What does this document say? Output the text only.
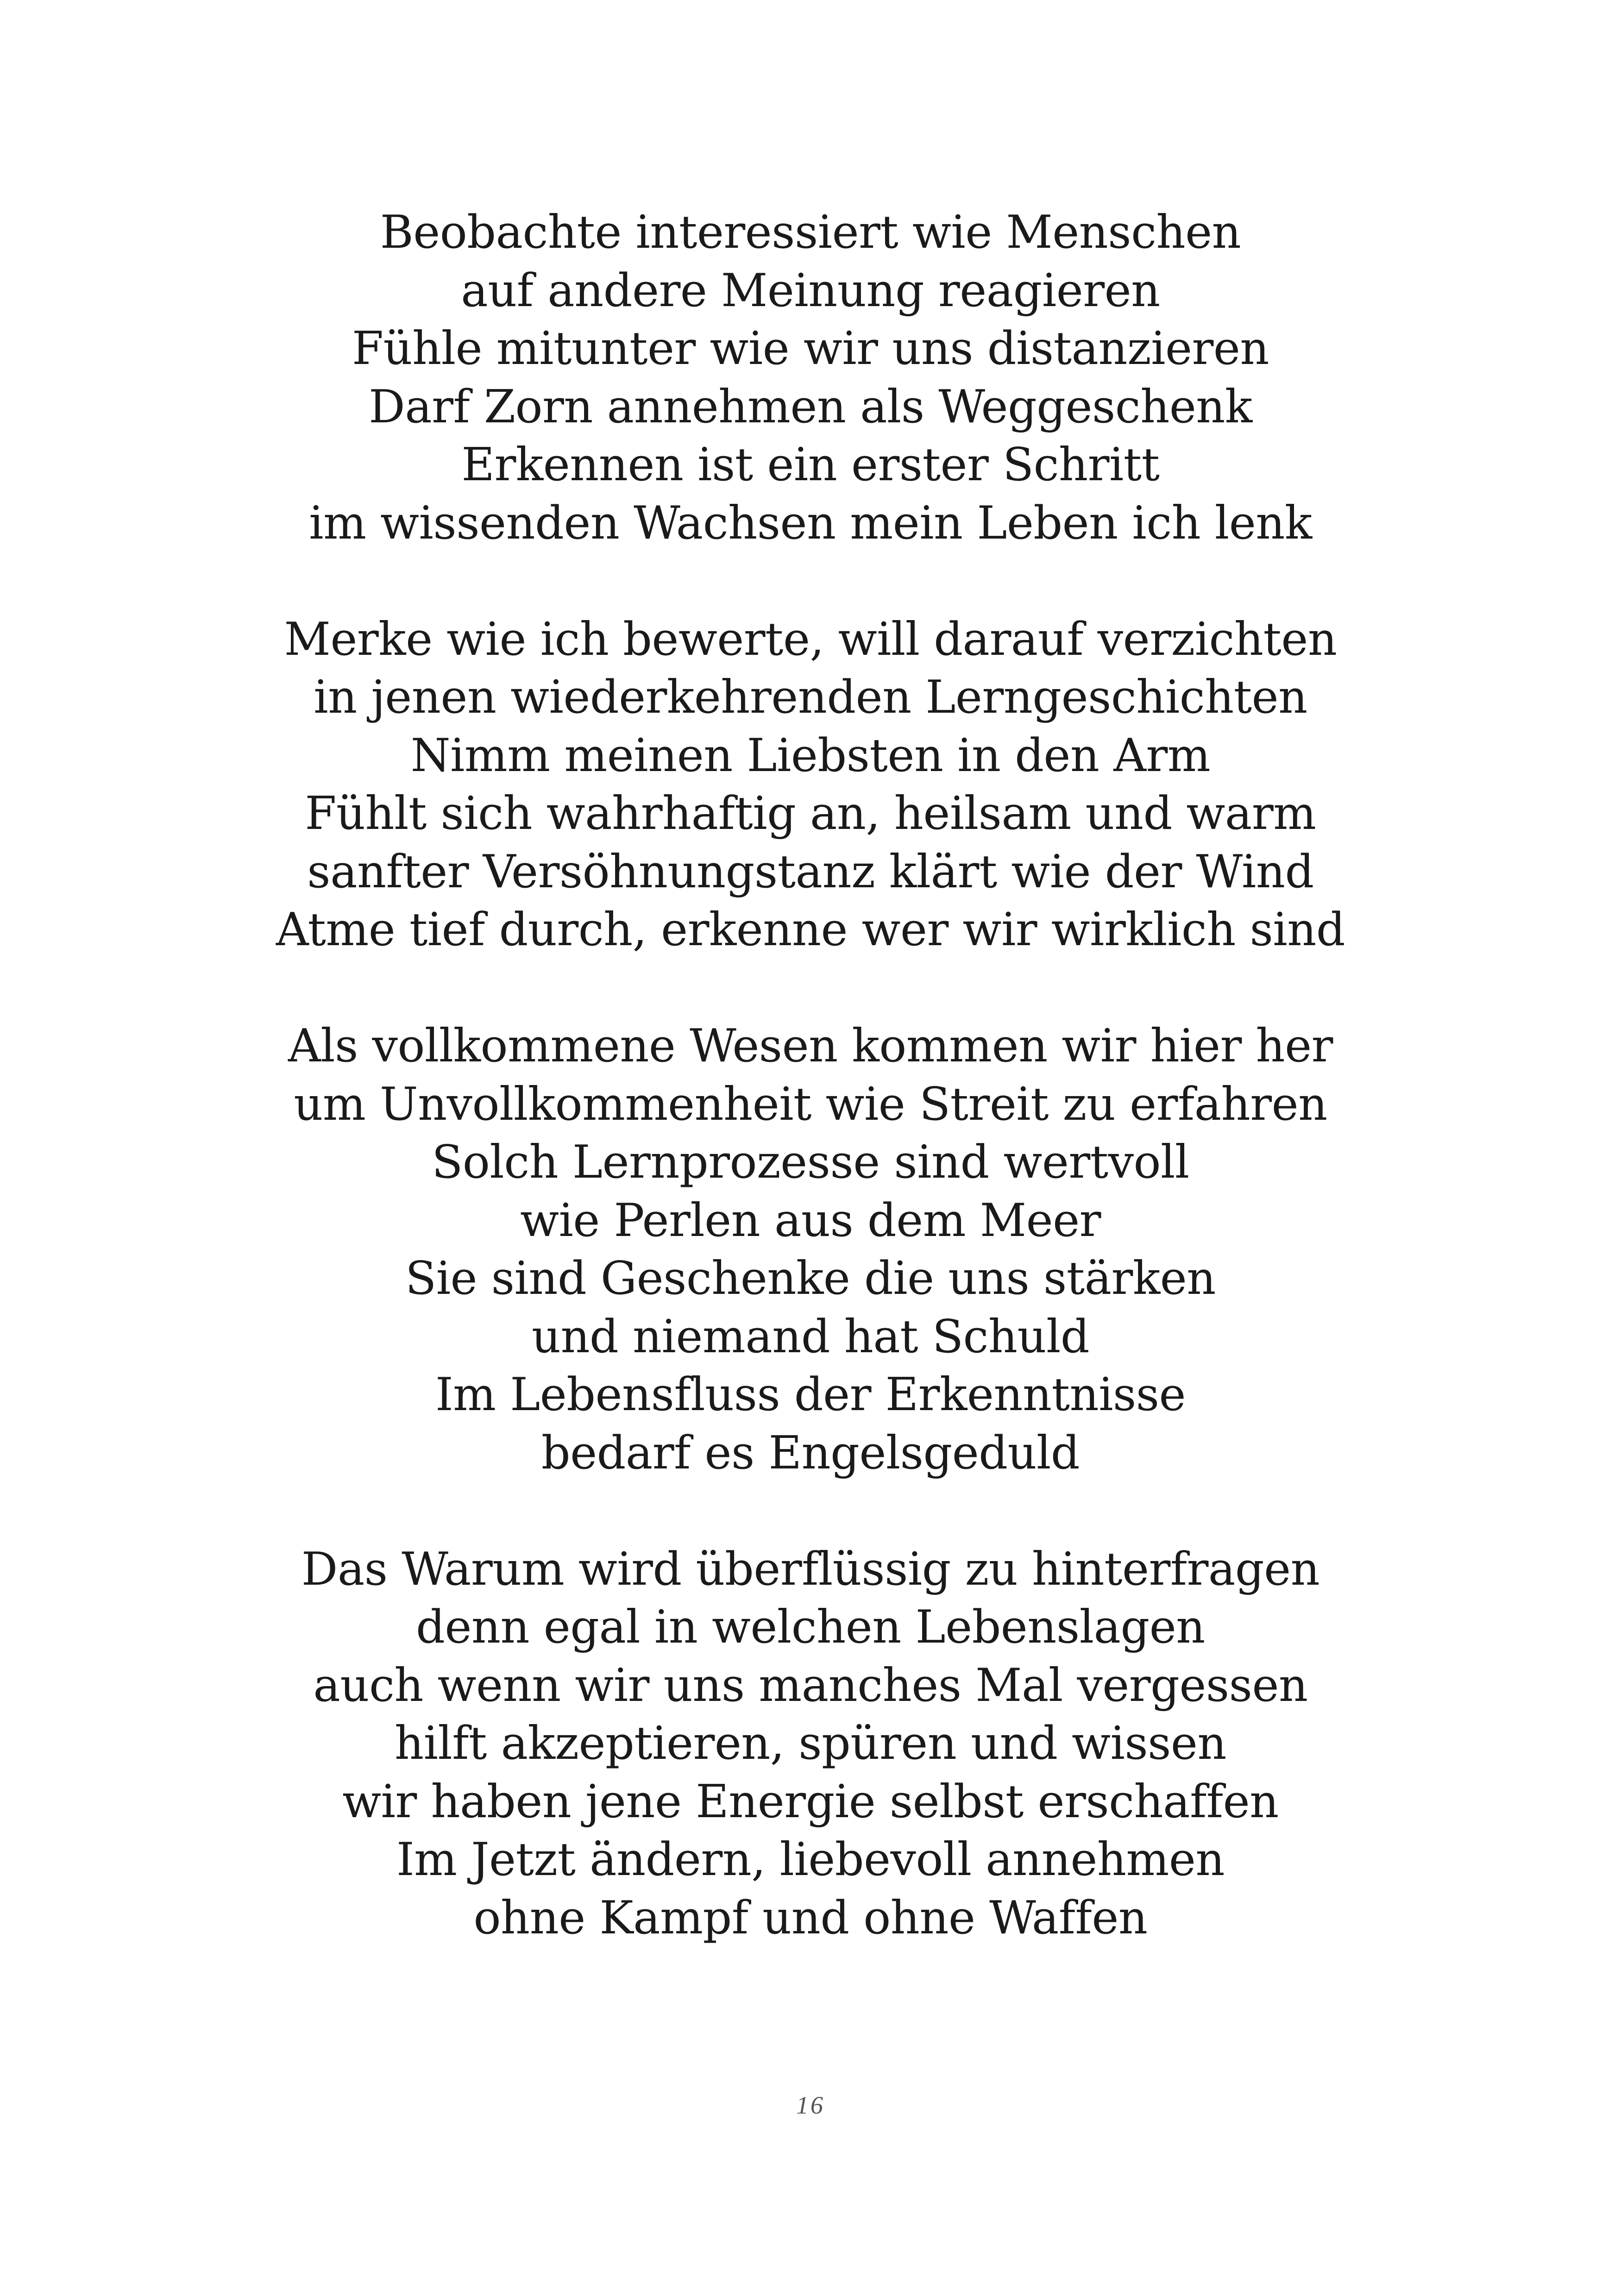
Beobachte interessiert wie Menschen
auf andere Meinung reagieren
Fühle mitunter wie wir uns distanzieren
Darf Zorn annehmen als Weggeschenk
Erkennen ist ein erster Schritt
im wissenden Wachsen mein Leben ich lenk
Merke wie ich bewerte, will darauf verzichten
in jenen wiederkehrenden Lerngeschichten
Nimm meinen Liebsten in den Arm
Fühlt sich wahrhaftig an, heilsam und warm
sanfter Versöhnungstanz klärt wie der Wind
Atme tief durch, erkenne wer wir wirklich sind
Als vollkommene Wesen kommen wir hier her
um Unvollkommenheit wie Streit zu erfahren
Solch Lernprozesse sind wertvoll
wie Perlen aus dem Meer
Sie sind Geschenke die uns stärken
und niemand hat Schuld
Im Lebensfluss der Erkenntnisse
bedarf es Engelsgeduld
Das Warum wird überflüssig zu hinterfragen
denn egal in welchen Lebenslagen
auch wenn wir uns manches Mal vergessen
hilft akzeptieren, spüren und wissen
wir haben jene Energie selbst erschaffen
Im Jetzt ändern, liebevoll annehmen
ohne Kampf und ohne Waffen
16
